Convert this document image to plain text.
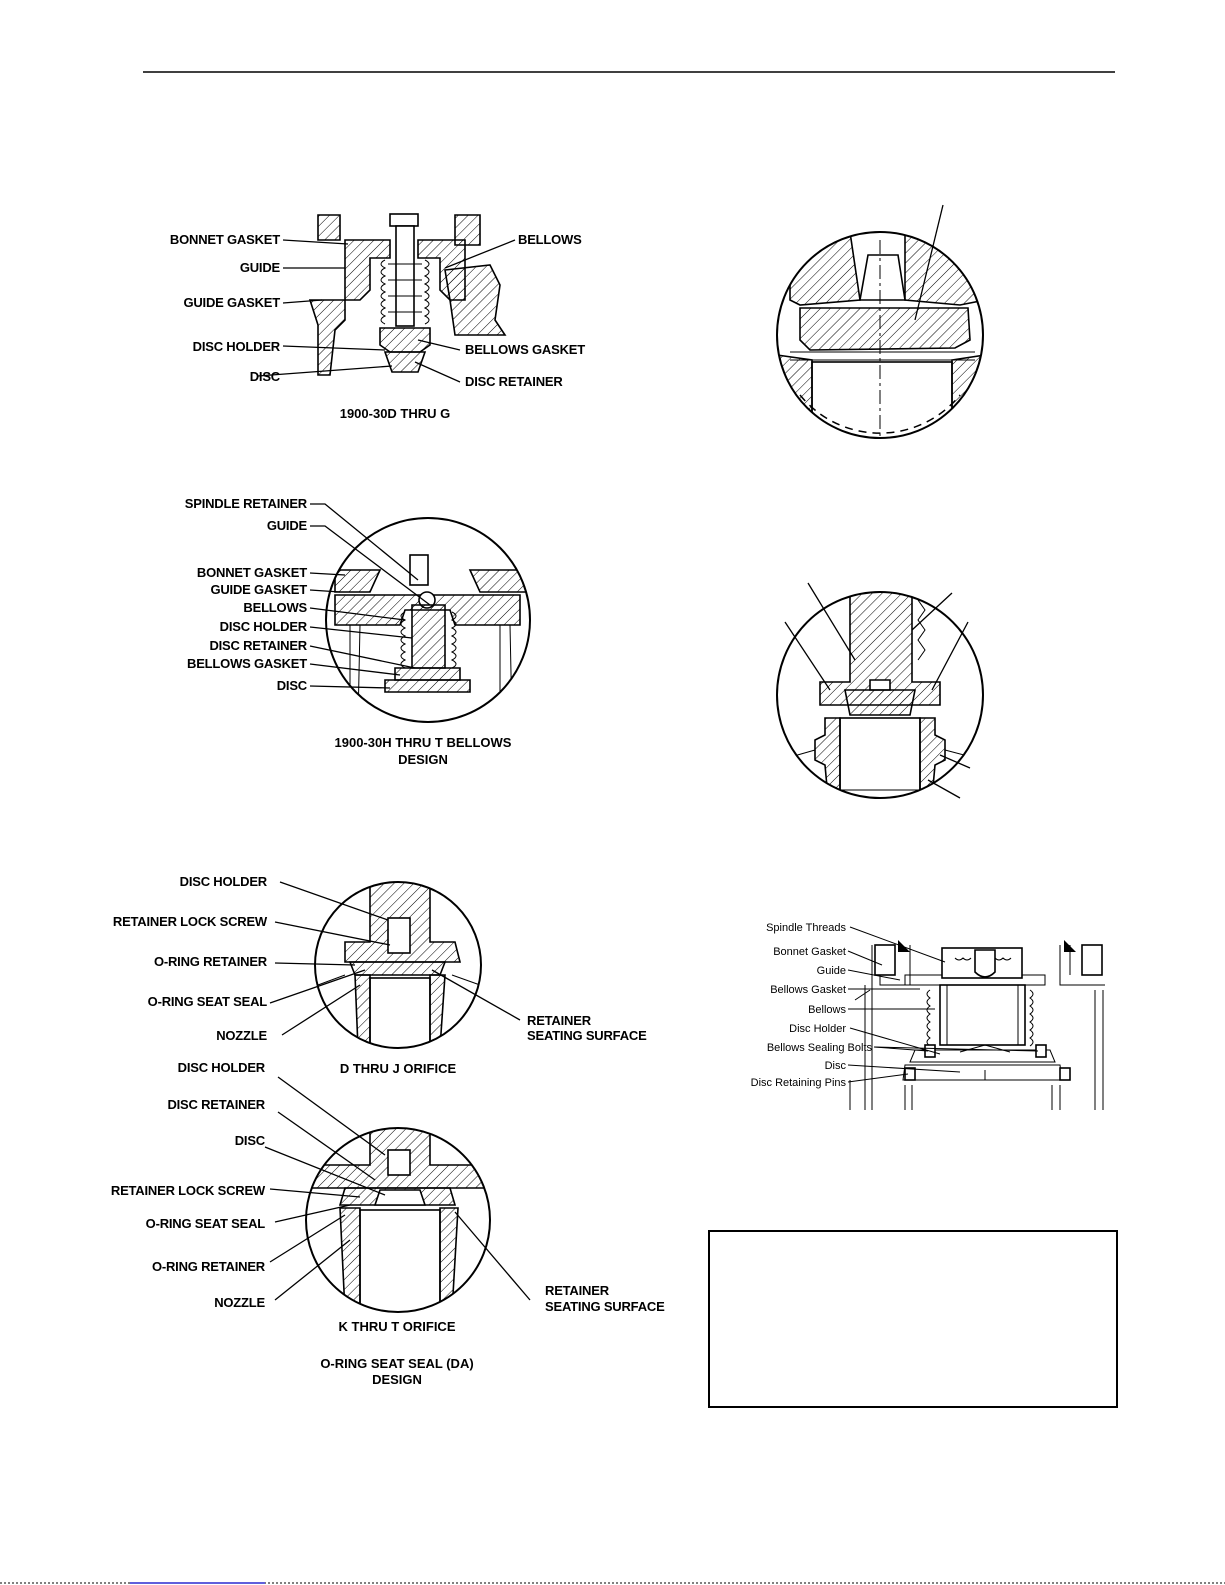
BONNET GASKET
GUIDE
GUIDE GASKET
DISC HOLDER
DISC
BELLOWS
BELLOWS GASKET
DISC RETAINER
1900-30D THRU G
SPINDLE RETAINER
GUIDE
BONNET GASKET
GUIDE GASKET
BELLOWS
DISC HOLDER
DISC RETAINER
BELLOWS GASKET
DISC
1900-30H THRU T BELLOWS
DESIGN
DISC HOLDER
RETAINER LOCK SCREW
O-RING RETAINER
O-RING SEAT SEAL
NOZZLE
RETAINER
SEATING SURFACE
D THRU J ORIFICE
DISC HOLDER
DISC RETAINER
DISC
RETAINER LOCK SCREW
O-RING SEAT SEAL
O-RING RETAINER
NOZZLE
RETAINER
SEATING SURFACE
K THRU T ORIFICE
O-RING SEAT SEAL (DA)
DESIGN
Spindle Threads
Bonnet Gasket
Guide
Bellows Gasket
Bellows
Disc Holder
Bellows Sealing Bolts
Disc
Disc Retaining Pins
